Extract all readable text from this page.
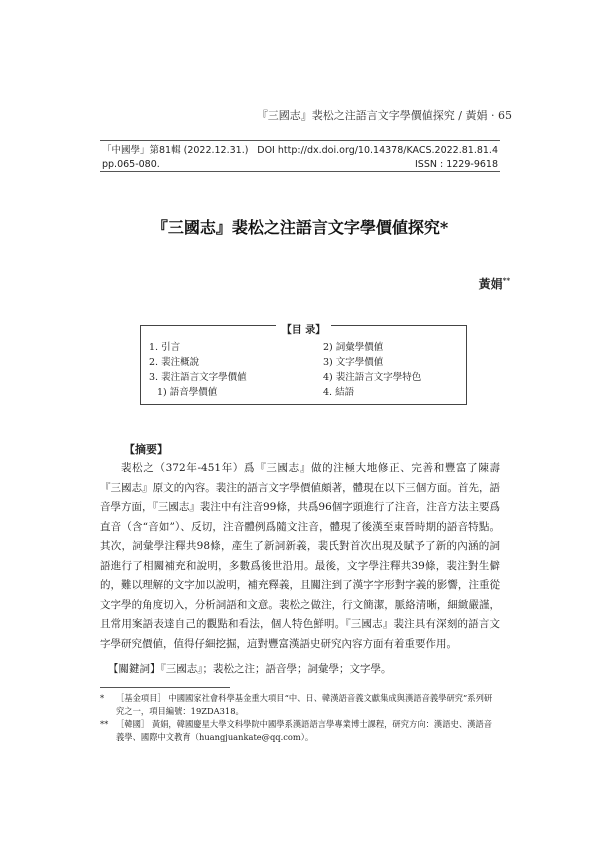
『三國志』裴松之注語言文字學價値探究 / 黃娟 · 65
「中國學」第81輯 (2022.12.31.)
pp.065-080.
DOI http://dx.doi.org/10.14378/KACS.2022.81.81.4
ISSN : 1229-9618
『三國志』裴松之注語言文字學價値探究*
黃娟**
【目 录】
1. 引言
2. 裴注概說
3. 裴注語言文字學價値
1) 語音學價値
2) 詞彙學價値
3) 文字學價値
4) 裴注語言文字學特色
4. 結語
【摘要】
裴松之（372年-451年）爲『三國志』做的注極大地修正、完善和豐富了陳壽『三國志』原文的內容。裴注的語言文字學價値頗著，體現在以下三個方面。首先，語音學方面，『三國志』裴注中有注音99條，共爲96個字頭進行了注音，注音方法主要爲直音（含“音如”）、反切，注音體例爲隨文注音，體現了後漢至東晉時期的語音特點。其次，詞彙學注釋共98條，產生了新詞新義，裴氏對首次出現及賦予了新的內涵的詞語進行了相關補充和說明，多數爲後世沿用。最後，文字學注釋共39條，裴注對生僻的，難以理解的文字加以說明，補充釋義，且關注到了漢字字形對字義的影響，注重從文字學的角度切入，分析詞語和文意。裴松之做注，行文簡潔，脈絡清晰，細緻嚴謹，且常用案語表達自己的觀點和看法，個人特色鮮明。『三國志』裴注具有深刻的語言文字學研究價値，值得仔細挖掘，這對豐富漢語史研究內容方面有着重要作用。
【關鍵詞】『三國志』；裴松之注；語音學；詞彙學；文字學。
*	［基金項目］ 中國國家社會科學基金重大項目“中、日、韓漢語音義文獻集成與漢語音義學研究”系列研究之一，項目編號：19ZDA318。
** ［韓國］ 黃娟，韓國慶星大學文科學院中國學系漢語語言學專業博士課程，研究方向：漢語史、漢語音義學、國際中文教育（huangjuankate@qq.com）。
